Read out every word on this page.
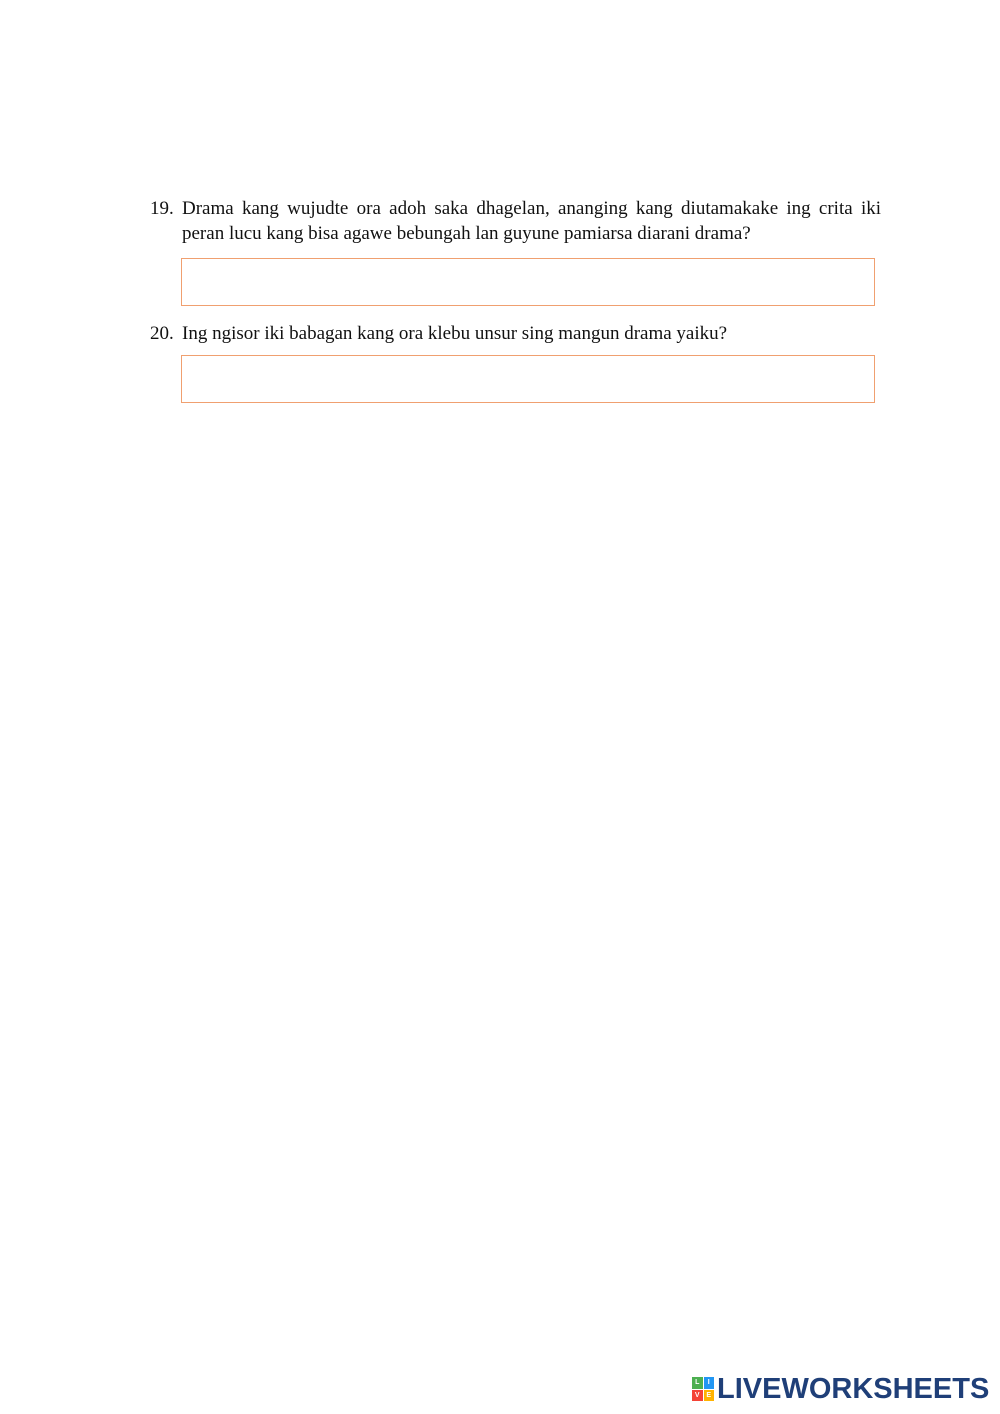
19. Drama kang wujudte ora adoh saka dhagelan, ananging kang diutamakake ing crita iki peran lucu kang bisa agawe bebungah lan guyune pamiarsa diarani drama?
20. Ing ngisor iki babagan kang ora klebu unsur sing mangun drama yaiku?
L	I
V E LIVEWORKSHEETS
